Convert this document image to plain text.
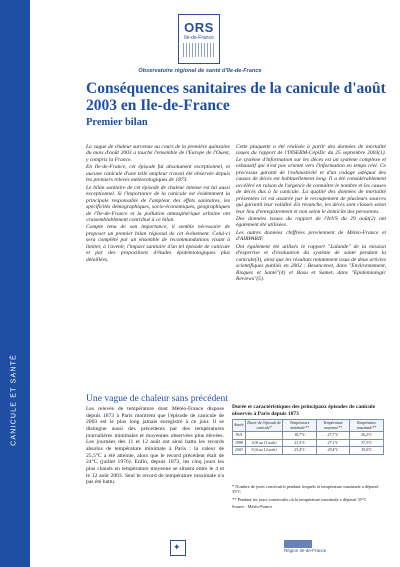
ORS
Ile-de-France
Observatoire régional de santé d'Ile-de-France
Conséquences sanitaires de la canicule d'août 2003 en Ile-de-France
Premier bilan

La vague de chaleur survenue au cours de la première quinzaine du mois d'août 2003 a touché l'ensemble de l'Europe de l'Ouest, y compris la France.

En Ile-de-France, cet épisode fut absolument exceptionnel, et aucune canicule d'une telle ampleur n'avait été observée depuis les premiers relevés météorologiques de 1873.

Le bilan sanitaire de cet épisode de chaleur intense est lui aussi exceptionnel. Si l'importance de la canicule est évidemment la principale responsable de l'ampleur des effets sanitaires, les spécificités démographiques, socio-économiques, géographiques de l'Ile-de-France et la pollution atmosphérique urbaine ont vraisemblablement contribué à ce bilan.

Compte tenu de son importance, il semble nécessaire de proposer un premier bilan régional de cet événement. Celui-ci sera complété par un ensemble de recommandations visant à limiter, à l'avenir, l'impact sanitaire d'un tel épisode de canicule et par des propositions d'études épidémiologiques plus détaillées.

Cette plaquette a été réalisée à partir des données de mortalité issues du rapport de l'INSERM-CépiDc du 25 septembre 2003(1). Le système d'information sur les décès est un système complexe et exhaustif qui n'est pas orienté vers l'information en temps réel. Ce processus garanti de l'exhaustivité et d'un codage adéquat des causes de décès est habituellement long. Il a été considérablement accéléré en raison de l'urgence de connaître le nombre et les causes de décès dus à la canicule. La qualité des données de mortalité présentées ici est assurée par le recoupement de plusieurs sources qui garantit leur validité. En revanche, les décès sont classés selon leur lieu d'enregistrement et non selon le domicile des personnes.

Des données issues du rapport de l'InVS du 29 août(2) ont également été utilisées.

Les autres données chiffrées proviennent de Météo-France et d'AIRPARIF.

Ont également été utilisés le rapport "Lalande" de la mission d'expertise et d'évaluation du système de santé pendant la canicule(3), ainsi que les résultats notamment issus de deux articles scientifiques publiés en 2002 : Besancenot, dans "Environnement, Risques et Santé"(4) et Basu et Samet, dans "Epidemiologic Reviews"(5).

Une vague de chaleur sans précédent

Les relevés de température dont Météo-France dispose depuis 1873 à Paris montrent que l'épisode de canicule de 2003 est le plus long jamais enregistré à ce jour. Il se distingue aussi des précédents par des températures journalières minimales et moyennes observées plus élevées. Les journées des 11 et 12 août ont ainsi battu les records absolus de température minimale à Paris : la valeur de 25,5°C a été atteinte, alors que le record précédent était de 24°C (juillet 1976). Enfin, depuis 1873, les cinq jours les plus chauds en température moyenne se situent entre le 4 et le 12 août 2003. Seul le record de température maximale n'a pas été battu.

Durée et caractéristiques des principaux épisodes de canicule observés à Paris depuis 1873
Année	Durée de l'épisode de canicule*	Température minimale**	Température moyenne**	Température maximale**
1911		18,7°C	27,7°C	36,2°C
1998	4 (8 au 11 août)	21,5°C	27,1°C	37,3°C
2003	9 (4 au 12 août)	23,4°C	29,4°C	39,0°C

* Nombre de jours consécutifs pendant lesquels la température maximale a dépassé 35°C

** Pendant les jours consécutifs où la température maximale a dépassé 35°C

Source : Météo-France

CANICULE ET SANTÉ
✦	Région Ile-de-France
